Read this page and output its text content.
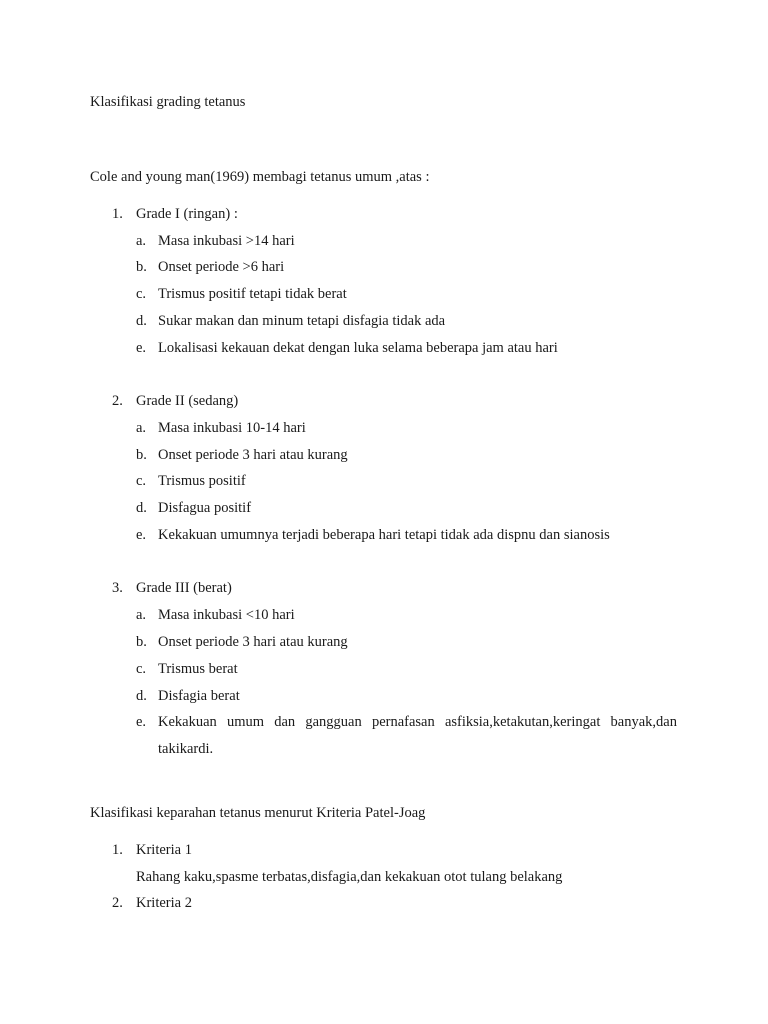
Klasifikasi grading tetanus
Cole and young man(1969) membagi tetanus umum ,atas :
1. Grade I (ringan) :
a. Masa inkubasi >14 hari
b. Onset periode >6 hari
c. Trismus positif tetapi tidak berat
d. Sukar makan dan minum tetapi disfagia tidak ada
e. Lokalisasi kekauan dekat dengan luka selama beberapa jam atau hari
2. Grade II (sedang)
a. Masa inkubasi 10-14 hari
b. Onset periode 3 hari atau kurang
c. Trismus positif
d. Disfagua positif
e. Kekakuan umumnya terjadi beberapa hari tetapi tidak ada dispnu dan sianosis
3. Grade III (berat)
a. Masa inkubasi <10 hari
b. Onset periode 3 hari atau kurang
c. Trismus berat
d. Disfagia berat
e. Kekakuan umum dan gangguan pernafasan asfiksia,ketakutan,keringat banyak,dan
takikardi.
Klasifikasi keparahan tetanus menurut Kriteria Patel-Joag
1. Kriteria 1
Rahang kaku,spasme terbatas,disfagia,dan kekakuan otot tulang belakang
2. Kriteria 2
